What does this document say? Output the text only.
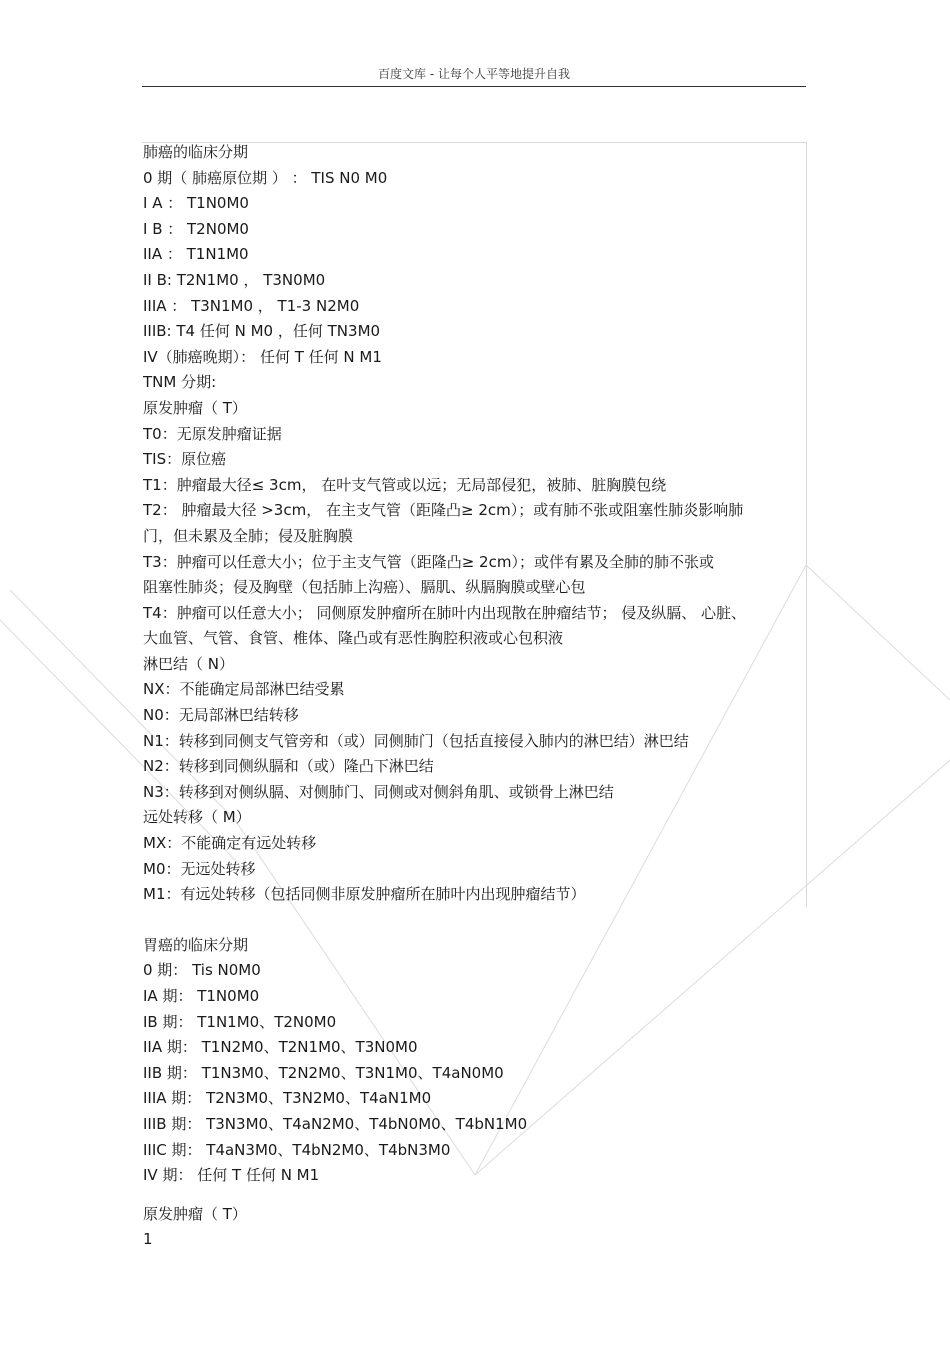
百度文库 - 让每个人平等地提升自我
肺癌的临床分期
0 期（ 肺癌原位期 ） ： TIS N0 M0
I A ： T1N0M0
I B ： T2N0M0
IIA ： T1N1M0
II B: T2N1M0 ， T3N0M0
IIIA ： T3N1M0 ， T1-3 N2M0
IIIB: T4 任何 N M0 ，任何 TN3M0
IV（肺癌晚期）： 任何 T 任何 N M1
TNM 分期:
原发肿瘤（ T）
T0：无原发肿瘤证据
TIS：原位癌
T1：肿瘤最大径≤ 3cm， 在叶支气管或以远；无局部侵犯，被肺、脏胸膜包绕
T2： 肿瘤最大径 >3cm， 在主支气管（距隆凸≥ 2cm）；或有肺不张或阻塞性肺炎影响肺
门，但未累及全肺；侵及脏胸膜
T3：肿瘤可以任意大小；位于主支气管（距隆凸≥ 2cm）；或伴有累及全肺的肺不张或
阻塞性肺炎；侵及胸壁（包括肺上沟癌）、膈肌、纵膈胸膜或壁心包
T4：肿瘤可以任意大小； 同侧原发肿瘤所在肺叶内出现散在肿瘤结节； 侵及纵膈、 心脏、
大血管、气管、食管、椎体、隆凸或有恶性胸腔积液或心包积液
淋巴结（ N）
NX：不能确定局部淋巴结受累
N0：无局部淋巴结转移
N1：转移到同侧支气管旁和（或）同侧肺门（包括直接侵入肺内的淋巴结）淋巴结
N2：转移到同侧纵膈和（或）隆凸下淋巴结
N3：转移到对侧纵膈、对侧肺门、同侧或对侧斜角肌、或锁骨上淋巴结
远处转移（ M）
MX：不能确定有远处转移
M0：无远处转移
M1：有远处转移（包括同侧非原发肿瘤所在肺叶内出现肿瘤结节）
胃癌的临床分期
0 期： Tis N0M0
IA 期： T1N0M0
IB 期： T1N1M0、T2N0M0
IIA 期： T1N2M0、T2N1M0、T3N0M0
IIB 期： T1N3M0、T2N2M0、T3N1M0、T4aN0M0
IIIA 期： T2N3M0、T3N2M0、T4aN1M0
IIIB 期： T3N3M0、T4aN2M0、T4bN0M0、T4bN1M0
IIIC 期： T4aN3M0、T4bN2M0、T4bN3M0
IV 期： 任何 T 任何 N M1
原发肿瘤（ T）
1
